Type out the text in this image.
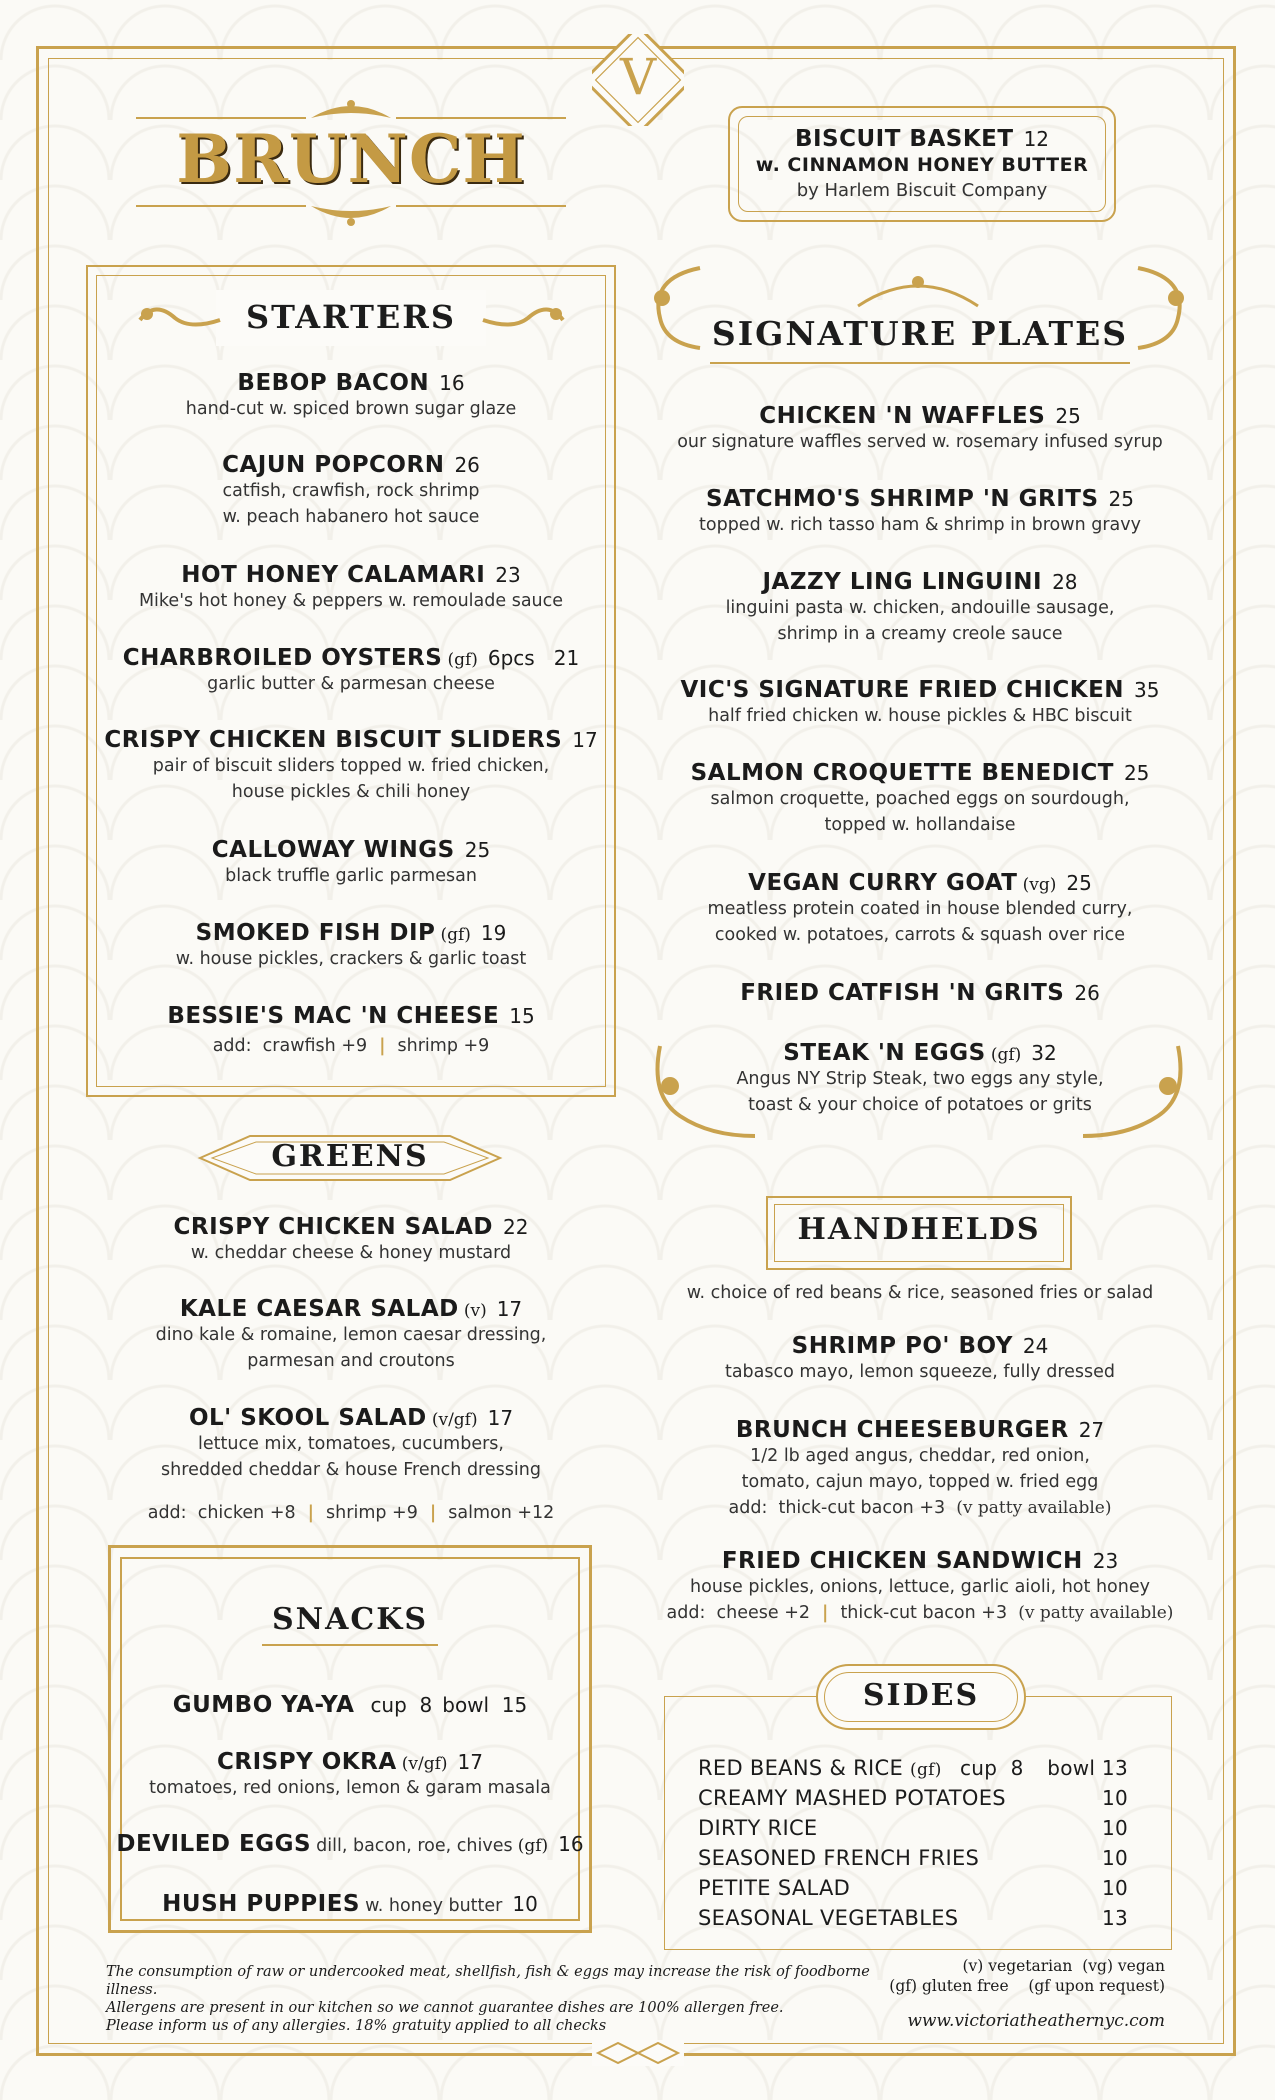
V
BRUNCH	BISCUIT BASKET 12
w. CINNAMON HONEY BUTTER
by Harlem Biscuit Company
STARTERS
BEBOP BACON 16
hand-cut w. spiced brown sugar glaze
CAJUN POPCORN 26
catfish, crawfish, rock shrimp
w. peach habanero hot sauce
HOT HONEY CALAMARI 23
Mike's hot honey & peppers w. remoulade sauce
CHARBROILED OYSTERS (gf) 6pcs   21
garlic butter & parmesan cheese
CRISPY CHICKEN BISCUIT SLIDERS 17
pair of biscuit sliders topped w. fried chicken,
house pickles & chili honey
CALLOWAY WINGS 25
black truffle garlic parmesan
SMOKED FISH DIP (gf) 19
w. house pickles, crackers & garlic toast
BESSIE'S MAC 'N CHEESE 15
add: crawfish +9 | shrimp +9
GREENS
CRISPY CHICKEN SALAD 22
w. cheddar cheese & honey mustard
KALE CAESAR SALAD (v) 17
dino kale & romaine, lemon caesar dressing,
parmesan and croutons
OL' SKOOL SALAD (v/gf) 17
lettuce mix, tomatoes, cucumbers,
shredded cheddar & house French dressing
add: chicken +8 | shrimp +9 | salmon +12
SNACKS
GUMBO YA-YA cup  8 bowl  15
CRISPY OKRA (v/gf) 17
tomatoes, red onions, lemon & garam masala
DEVILED EGGS dill, bacon, roe, chives (gf) 16
HUSH PUPPIES w. honey butter 10
SIGNATURE PLATES
CHICKEN 'N WAFFLES 25
our signature waffles served w. rosemary infused syrup
SATCHMO'S SHRIMP 'N GRITS 25
topped w. rich tasso ham & shrimp in brown gravy
JAZZY LING LINGUINI 28
linguini pasta w. chicken, andouille sausage,
shrimp in a creamy creole sauce
VIC'S SIGNATURE FRIED CHICKEN 35
half fried chicken w. house pickles & HBC biscuit
SALMON CROQUETTE BENEDICT 25
salmon croquette, poached eggs on sourdough,
topped w. hollandaise
VEGAN CURRY GOAT (vg) 25
meatless protein coated in house blended curry,
cooked w. potatoes, carrots & squash over rice
FRIED CATFISH 'N GRITS 26
STEAK 'N EGGS (gf) 32
Angus NY Strip Steak, two eggs any style,
toast & your choice of potatoes or grits
HANDHELDS
w. choice of red beans & rice, seasoned fries or salad
SHRIMP PO' BOY 24
tabasco mayo, lemon squeeze, fully dressed
BRUNCH CHEESEBURGER 27
1/2 lb aged angus, cheddar, red onion,
tomato, cajun mayo, topped w. fried egg
add: thick-cut bacon +3 (v patty available)
FRIED CHICKEN SANDWICH 23
house pickles, onions, lettuce, garlic aioli, hot honey
add: cheese +2 | thick-cut bacon +3 (v patty available)
SIDES
RED BEANS & RICE (gf) cup  8 bowl 13
CREAMY MASHED POTATOES	10
DIRTY RICE	10
SEASONED FRENCH FRIES	10
PETITE SALAD	10
SEASONAL VEGETABLES	13
The consumption of raw or undercooked meat, shellfish, fish & eggs may increase the risk of foodborne illness.
Allergens are present in our kitchen so we cannot guarantee dishes are 100% allergen free.
Please inform us of any allergies. 18% gratuity applied to all checks
(v) vegetarian  (vg) vegan
(gf) gluten free    (gf upon request)
www.victoriatheathernyc.com
